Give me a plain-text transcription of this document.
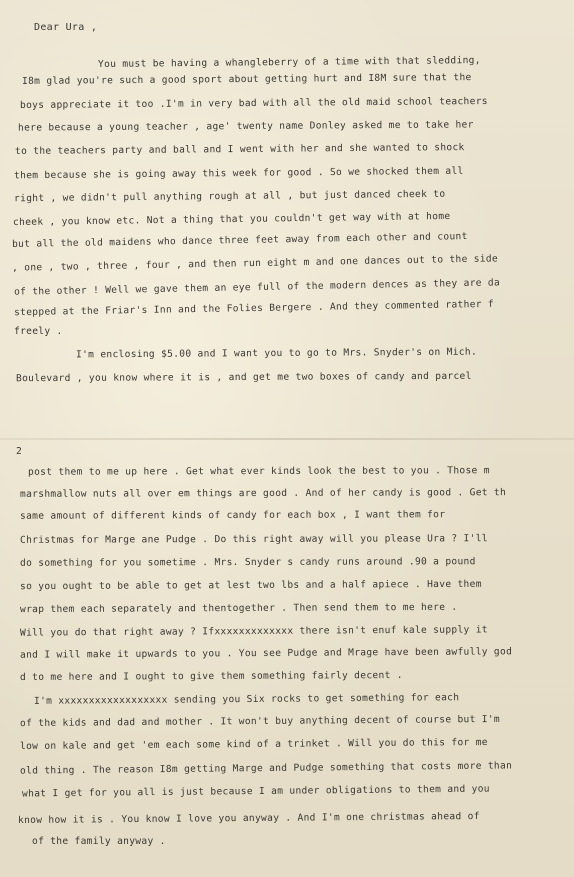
Dear Ura ,
You must be having a whangleberry of a time with that sledding,
I8m glad you're such a good sport about getting hurt and I8M sure that the
boys appreciate it too .I'm in very bad with all the old maid school teachers
here because a young teacher , age' twenty name Donley asked me to take her
to the teachers party and ball and I went with her and she wanted to shock
them because she is going away this week for good . So we shocked them all
right , we didn't pull anything rough at all , but just danced cheek to
cheek , you know etc. Not a thing that you couldn't get way with at home
but all the old maidens who dance three feet away from each other and count
, one , two , three , four , and then run eight m and one dances out to the side
of the other ! Well we gave them an eye full of the modern dences as they are da
stepped at the Friar's Inn and the Folies Bergere . And they commented rather f
freely .
I'm enclosing $5.00 and I want you to go to Mrs. Snyder's on Mich.
Boulevard , you know where it is , and get me two boxes of candy and parcel
2
post them to me up here . Get what ever kinds look the best to you . Those m
marshmallow nuts all over em things are good . And of her candy is good . Get th
same amount of different kinds of candy for each box , I want them for
Christmas for Marge ane Pudge . Do this right away will you please Ura ? I'll
do something for you sometime . Mrs. Snyder s candy runs around .90 a pound
so you ought to be able to get at lest two lbs and a half apiece . Have them
wrap them each separately and thentogether . Then send them to me here .
Will you do that right away ? Ifxxxxxxxxxxxxx there isn't enuf kale supply it
and I will make it upwards to you . You see Pudge and Mrage have been awfully god
d to me here and I ought to give them something fairly decent .
I'm xxxxxxxxxxxxxxxxxx sending you Six rocks to get something for each
of the kids and dad and mother . It won't buy anything decent of course but I'm
low on kale and get 'em each some kind of a trinket . Will you do this for me
old thing . The reason I8m getting Marge and Pudge something that costs more than
what I get for you all is just because I am under obligations to them and you
know how it is . You know I love you anyway . And I'm one christmas ahead of
of the family anyway .
